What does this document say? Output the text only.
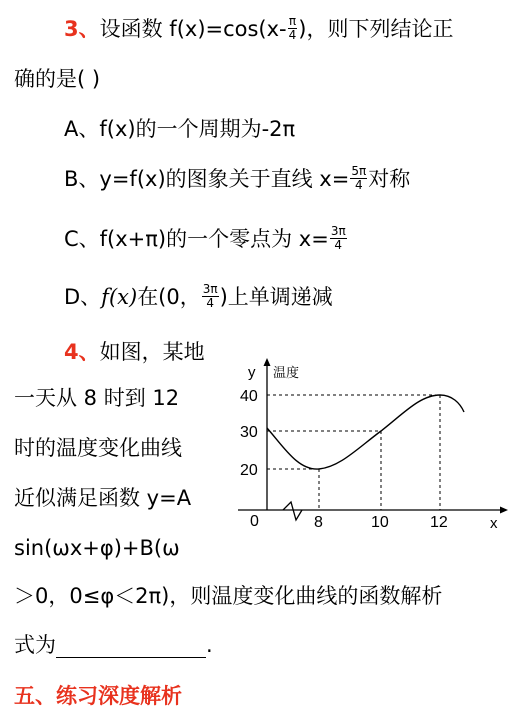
3、设函数 $f(x)=\cos(x- \frac{\pi}{4}$ )，则下列结论正
确的是( )
A、f(x)的一个周期为-2π
B、y=f(x)的图象关于直线 $x= \frac{5\pi}{4}$ 对称
C、f(x+π)的一个零点为 $x= \frac{3\pi}{4}$
D、f(x)在(0， $\frac{3\pi}{4}$ )上单调递减
4、如图，某地
一天从 8 时到 12
时的温度变化曲线
近似满足函数 y=A
sin(ωx+φ)+B(ω
＞0，0≤φ＜2π)，则温度变化曲线的函数解析
式为	.
y 温度
40
30
20
0	8	10	12	x
五、练习深度解析
